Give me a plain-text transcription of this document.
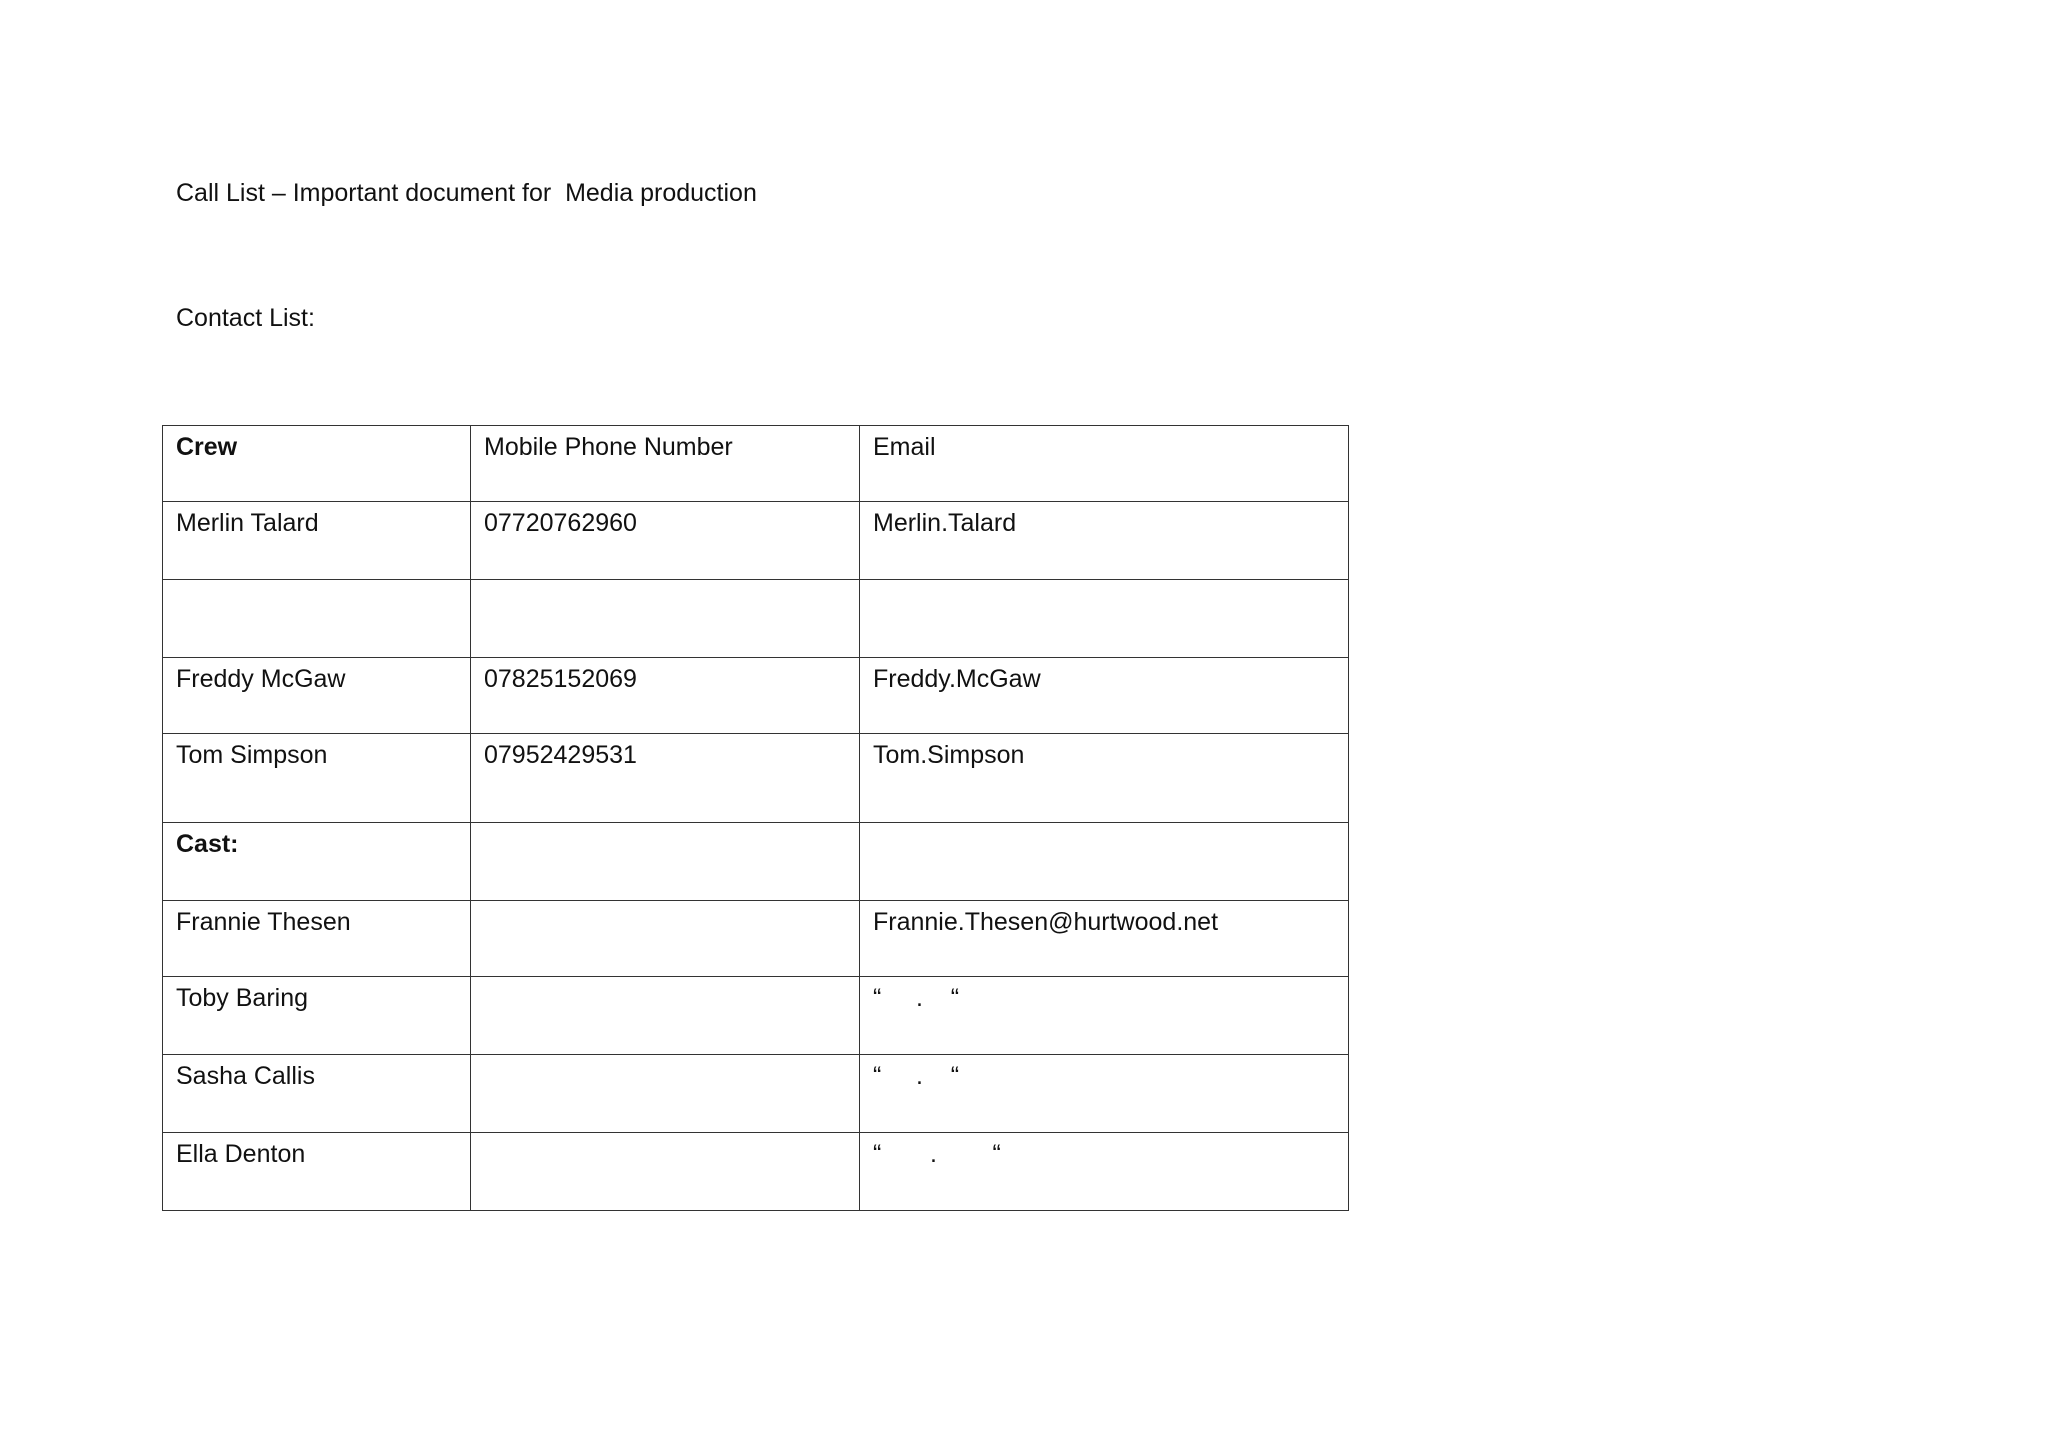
Call List – Important document for  Media production
Contact List:
Crew	Mobile Phone Number	Email
Merlin Talard	07720762960	Merlin.Talard

Freddy McGaw	07825152069	Freddy.McGaw
Tom Simpson	07952429531	Tom.Simpson
Cast:		
Frannie Thesen		Frannie.Thesen@hurtwood.net
Toby Baring		“     .    “
Sasha Callis		“     .    “
Ella Denton		“       .        “
